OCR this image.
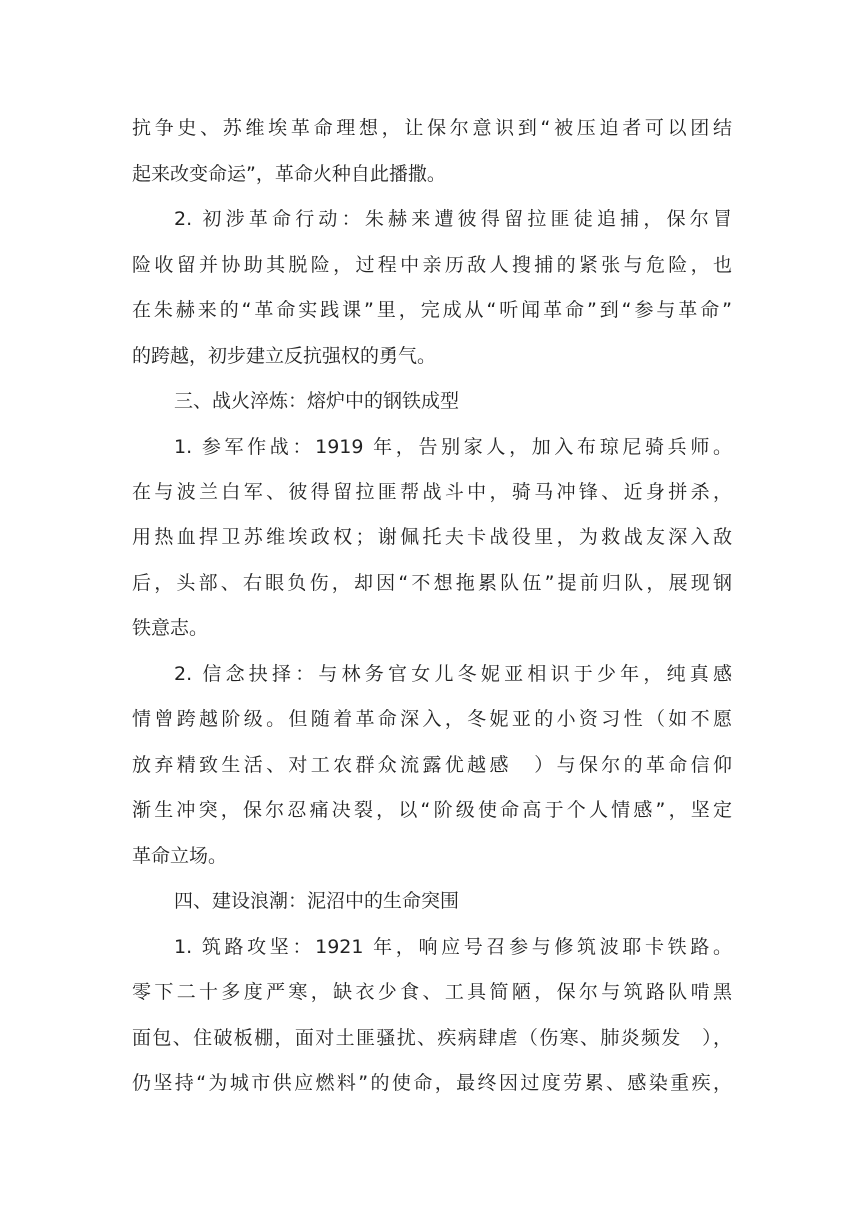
抗争史、苏维埃革命理想，让保尔意识到“被压迫者可以团结
起来改变命运”，革命火种自此播撒。
2. 初涉革命行动：朱赫来遭彼得留拉匪徒追捕，保尔冒
险收留并协助其脱险，过程中亲历敌人搜捕的紧张与危险，也
在朱赫来的“革命实践课”里，完成从“听闻革命”到“参与革命”
的跨越，初步建立反抗强权的勇气。
三、战火淬炼：熔炉中的钢铁成型
1. 参军作战：1919 年，告别家人，加入布琼尼骑兵师。
在与波兰白军、彼得留拉匪帮战斗中，骑马冲锋、近身拼杀，
用热血捍卫苏维埃政权；谢佩托夫卡战役里，为救战友深入敌
后，头部、右眼负伤，却因“不想拖累队伍”提前归队，展现钢
铁意志。
2. 信念抉择：与林务官女儿冬妮亚相识于少年，纯真感
情曾跨越阶级。但随着革命深入，冬妮亚的小资习性（如不愿
放弃精致生活、对工农群众流露优越感　）与保尔的革命信仰
渐生冲突，保尔忍痛决裂，以“阶级使命高于个人情感”，坚定
革命立场。
四、建设浪潮：泥沼中的生命突围
1. 筑路攻坚：1921 年，响应号召参与修筑波耶卡铁路。
零下二十多度严寒，缺衣少食、工具简陋，保尔与筑路队啃黑
面包、住破板棚，面对土匪骚扰、疾病肆虐（伤寒、肺炎频发　），
仍坚持“为城市供应燃料”的使命，最终因过度劳累、感染重疾，
